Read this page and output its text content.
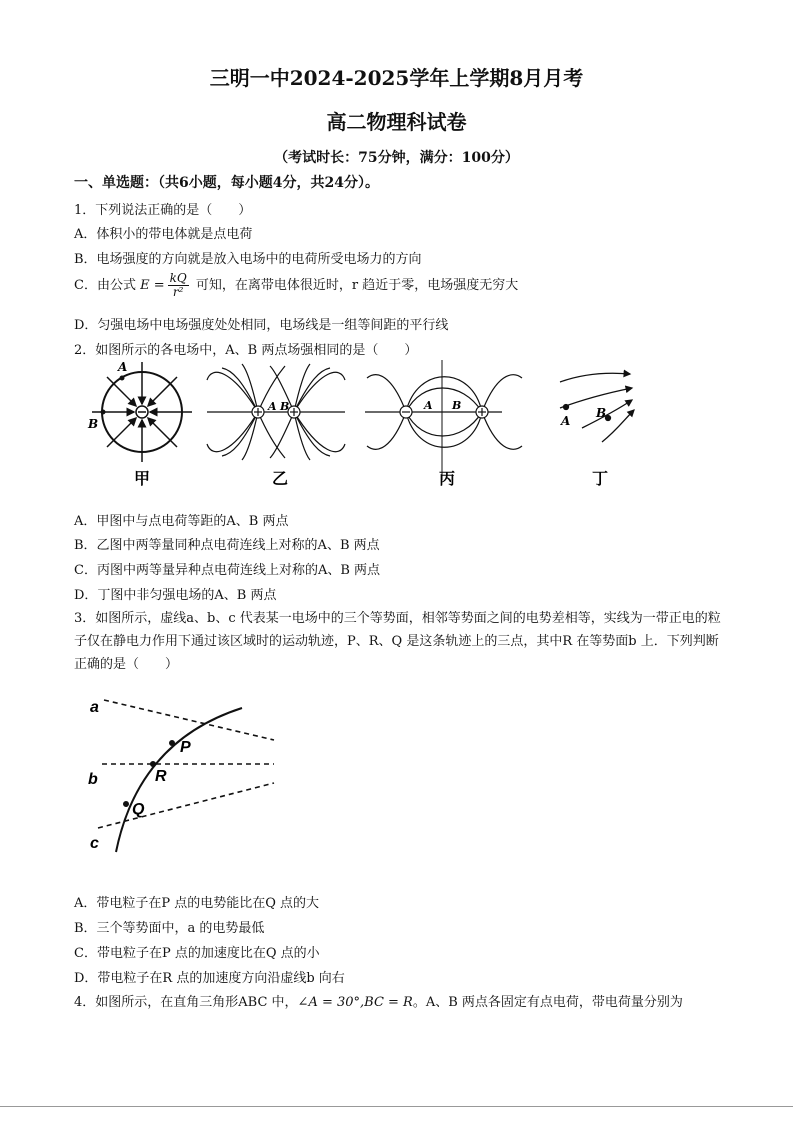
三明一中2024-2025学年上学期8月月考
高二物理科试卷
（考试时长：75分钟，满分：100分）
一、单选题：（共6小题，每小题4分，共24分）。
1．下列说法正确的是（　　）
A．体积小的带电体就是点电荷
B．电场强度的方向就是放入电场中的电荷所受电场力的方向
C．由公式 $E = \frac{kQ}{\text{r²}}$ 可知，在离带电体很近时，r 趋近于零，电场强度无穷大
D．匀强电场中电场强度处处相同，电场线是一组等间距的平行线
2．如图所示的各电场中，A、B 两点场强相同的是（　　）
A
B
A B	A B
A
B
甲	乙	丙	丁
A．甲图中与点电荷等距的A、B 两点
B．乙图中两等量同种点电荷连线上对称的A、B 两点
C．丙图中两等量异种点电荷连线上对称的A、B 两点
D．丁图中非匀强电场的A、B 两点
3．如图所示，虚线a、b、c 代表某一电场中的三个等势面，相邻等势面之间的电势差相等，实线为一带正电的粒子仅在静电力作用下通过该区域时的运动轨迹，P、R、Q 是这条轨迹上的三点，其中R 在等势面b 上．下列判断正确的是（　　）
a
b
c
P
R
Q
A．带电粒子在P 点的电势能比在Q 点的大
B．三个等势面中，a 的电势最低
C．带电粒子在P 点的加速度比在Q 点的小
D．带电粒子在R 点的加速度方向沿虚线b 向右
4．如图所示，在直角三角形ABC 中，∠A = 30°,BC = R。A、B 两点各固定有点电荷，带电荷量分别为
